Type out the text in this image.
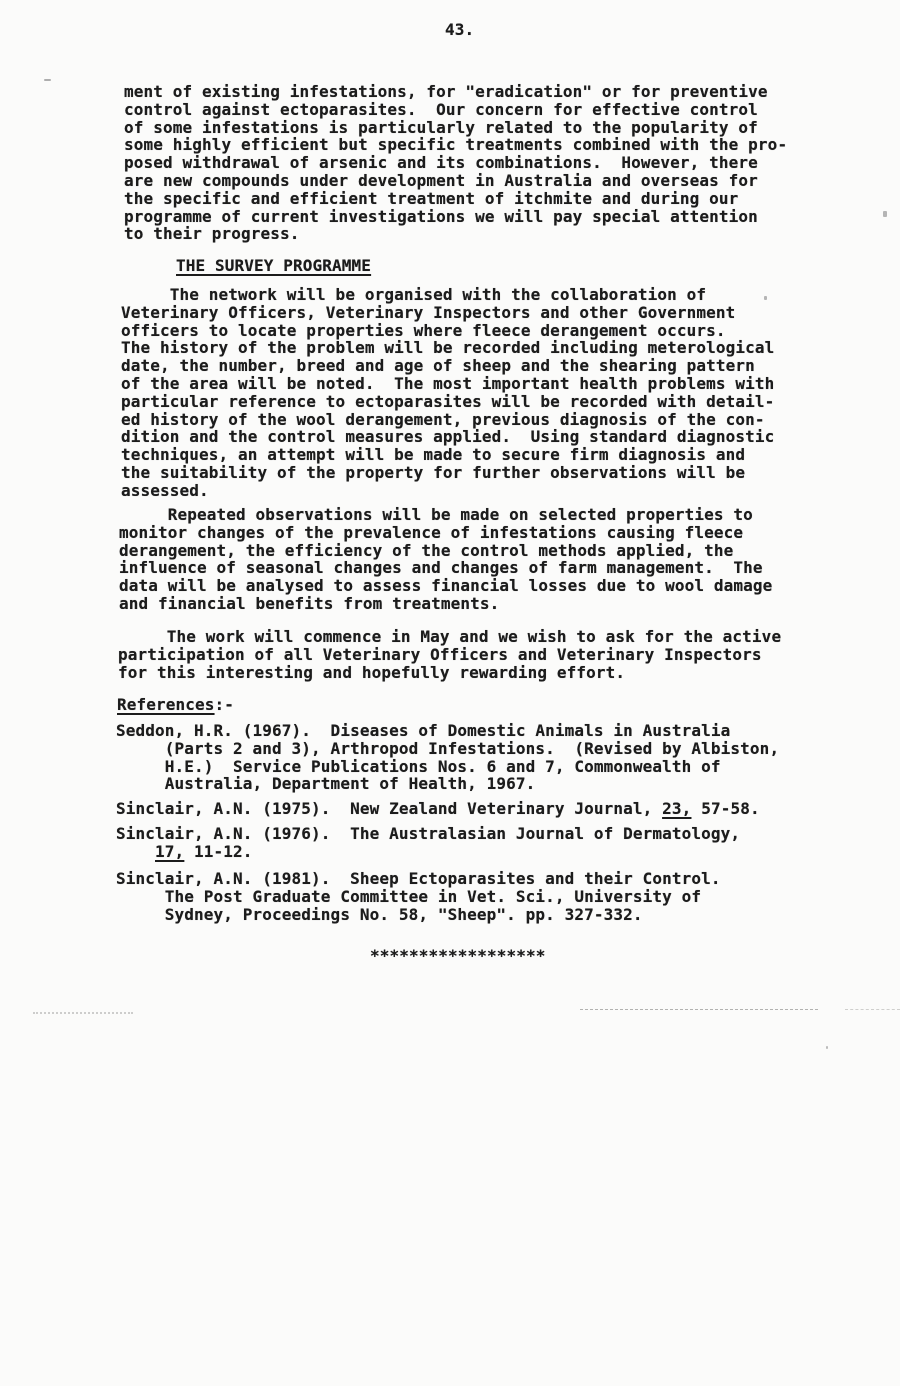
43.
ment of existing infestations, for "eradication" or for preventive
control against ectoparasites.  Our concern for effective control
of some infestations is particularly related to the popularity of
some highly efficient but specific treatments combined with the pro-
posed withdrawal of arsenic and its combinations.  However, there
are new compounds under development in Australia and overseas for
the specific and efficient treatment of itchmite and during our
programme of current investigations we will pay special attention
to their progress.
THE SURVEY PROGRAMME
The network will be organised with the collaboration of
Veterinary Officers, Veterinary Inspectors and other Government
officers to locate properties where fleece derangement occurs.
The history of the problem will be recorded including meterological
date, the number, breed and age of sheep and the shearing pattern
of the area will be noted.  The most important health problems with
particular reference to ectoparasites will be recorded with detail-
ed history of the wool derangement, previous diagnosis of the con-
dition and the control measures applied.  Using standard diagnostic
techniques, an attempt will be made to secure firm diagnosis and
the suitability of the property for further observations will be
assessed.
Repeated observations will be made on selected properties to
monitor changes of the prevalence of infestations causing fleece
derangement, the efficiency of the control methods applied, the
influence of seasonal changes and changes of farm management.  The
data will be analysed to assess financial losses due to wool damage
and financial benefits from treatments.
The work will commence in May and we wish to ask for the active
participation of all Veterinary Officers and Veterinary Inspectors
for this interesting and hopefully rewarding effort.
References:-
Seddon, H.R. (1967).  Diseases of Domestic Animals in Australia
(Parts 2 and 3), Arthropod Infestations.  (Revised by Albiston,
H.E.)  Service Publications Nos. 6 and 7, Commonwealth of
Australia, Department of Health, 1967.
Sinclair, A.N. (1975).  New Zealand Veterinary Journal, 23, 57-58.
Sinclair, A.N. (1976).  The Australasian Journal of Dermatology,
17, 11-12.
Sinclair, A.N. (1981).  Sheep Ectoparasites and their Control.
The Post Graduate Committee in Vet. Sci., University of
Sydney, Proceedings No. 58, "Sheep". pp. 327-332.
******************
